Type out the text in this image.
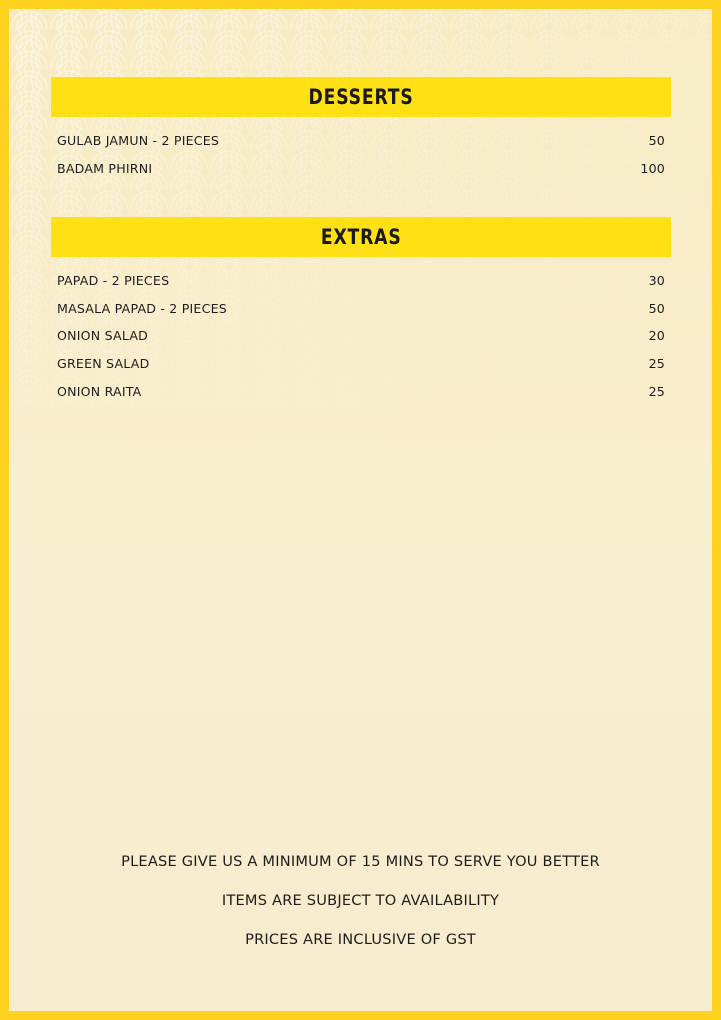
DESSERTS
GULAB JAMUN - 2 PIECES	50
BADAM PHIRNI	100
EXTRAS
PAPAD - 2 PIECES	30
MASALA PAPAD - 2 PIECES	50
ONION SALAD	20
GREEN SALAD	25
ONION RAITA	25
PLEASE GIVE US A MINIMUM OF 15 MINS TO SERVE YOU BETTER
ITEMS ARE SUBJECT TO AVAILABILITY
PRICES ARE INCLUSIVE OF GST
